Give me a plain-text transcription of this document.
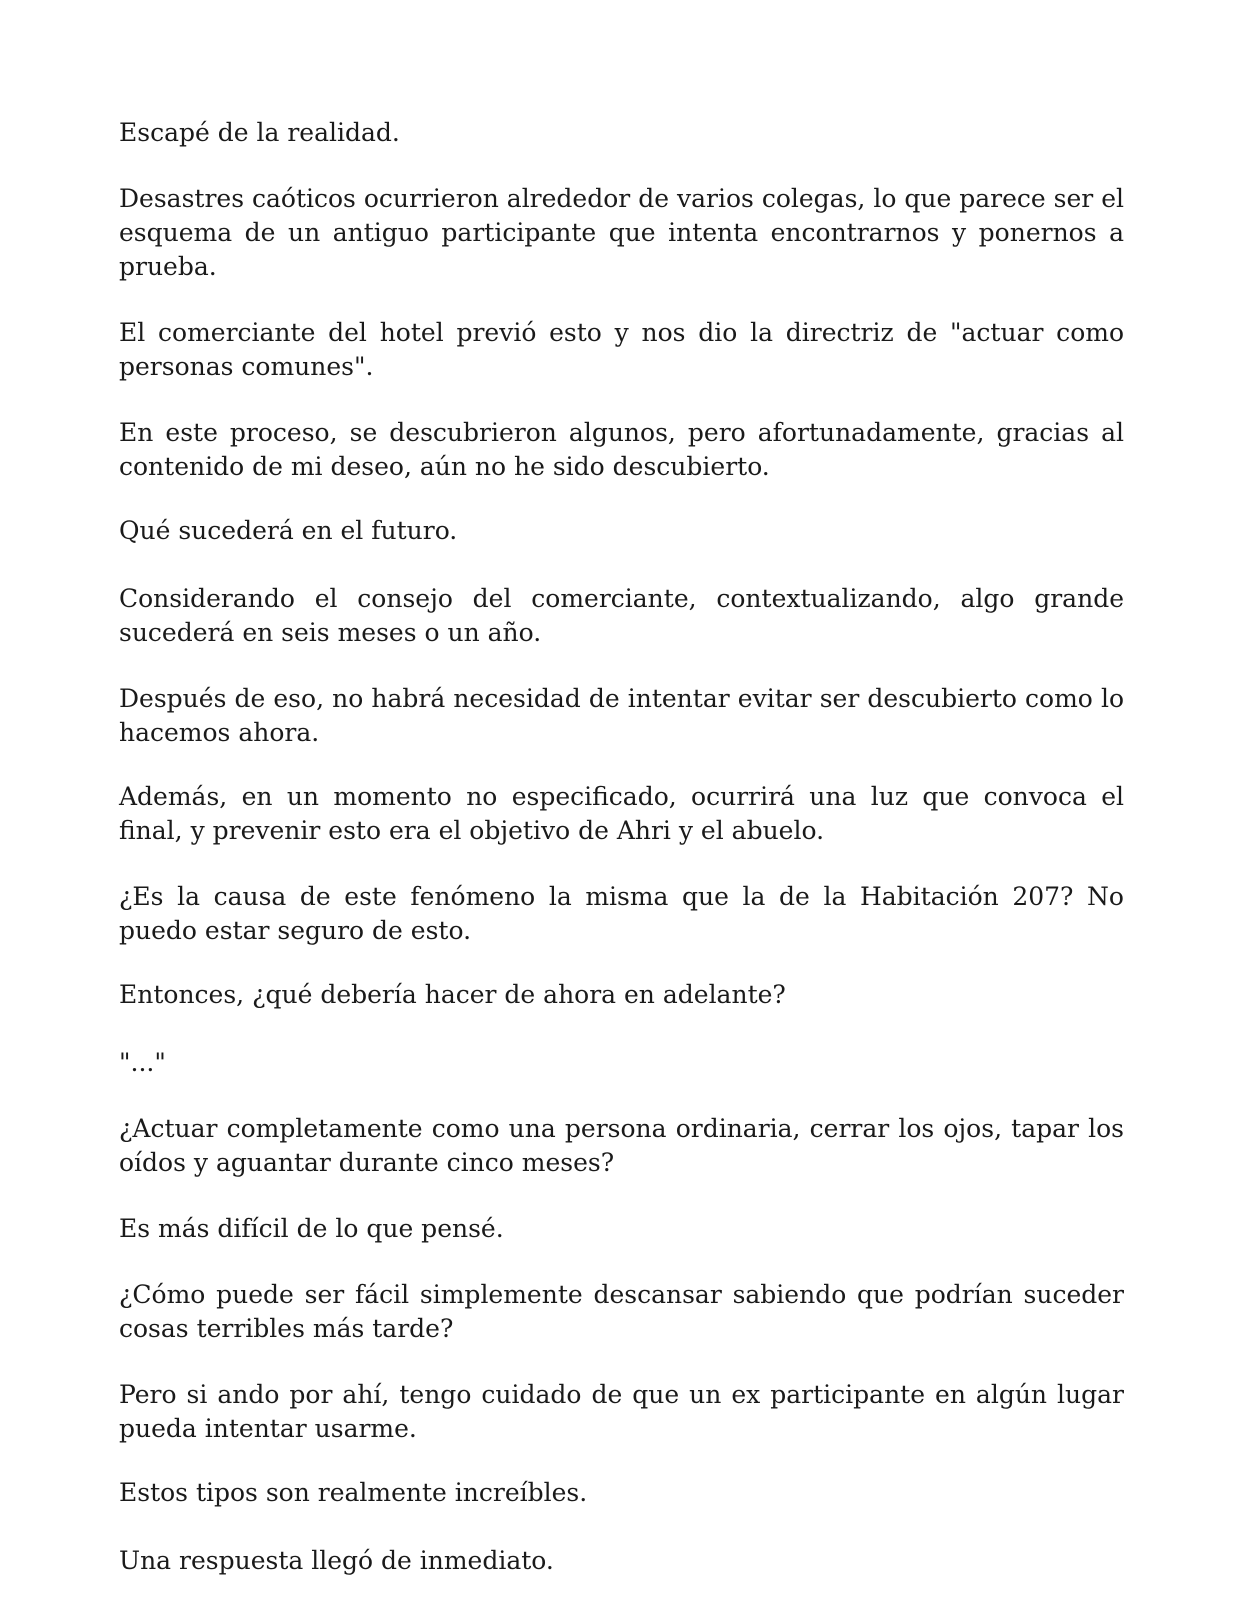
Escapé de la realidad.

Desastres caóticos ocurrieron alrededor de varios colegas, lo que parece ser el esquema de un antiguo participante que intenta encontrarnos y ponernos a prueba.

El comerciante del hotel previó esto y nos dio la directriz de "actuar como personas comunes".

En este proceso, se descubrieron algunos, pero afortunadamente, gracias al contenido de mi deseo, aún no he sido descubierto.

Qué sucederá en el futuro.

Considerando el consejo del comerciante, contextualizando, algo grande sucederá en seis meses o un año.

Después de eso, no habrá necesidad de intentar evitar ser descubierto como lo hacemos ahora.

Además, en un momento no especificado, ocurrirá una luz que convoca el final, y prevenir esto era el objetivo de Ahri y el abuelo.

¿Es la causa de este fenómeno la misma que la de la Habitación 207? No puedo estar seguro de esto.

Entonces, ¿qué debería hacer de ahora en adelante?

"..."

¿Actuar completamente como una persona ordinaria, cerrar los ojos, tapar los oídos y aguantar durante cinco meses?

Es más difícil de lo que pensé.

¿Cómo puede ser fácil simplemente descansar sabiendo que podrían suceder cosas terribles más tarde?

Pero si ando por ahí, tengo cuidado de que un ex participante en algún lugar pueda intentar usarme.

Estos tipos son realmente increíbles.

Una respuesta llegó de inmediato.
